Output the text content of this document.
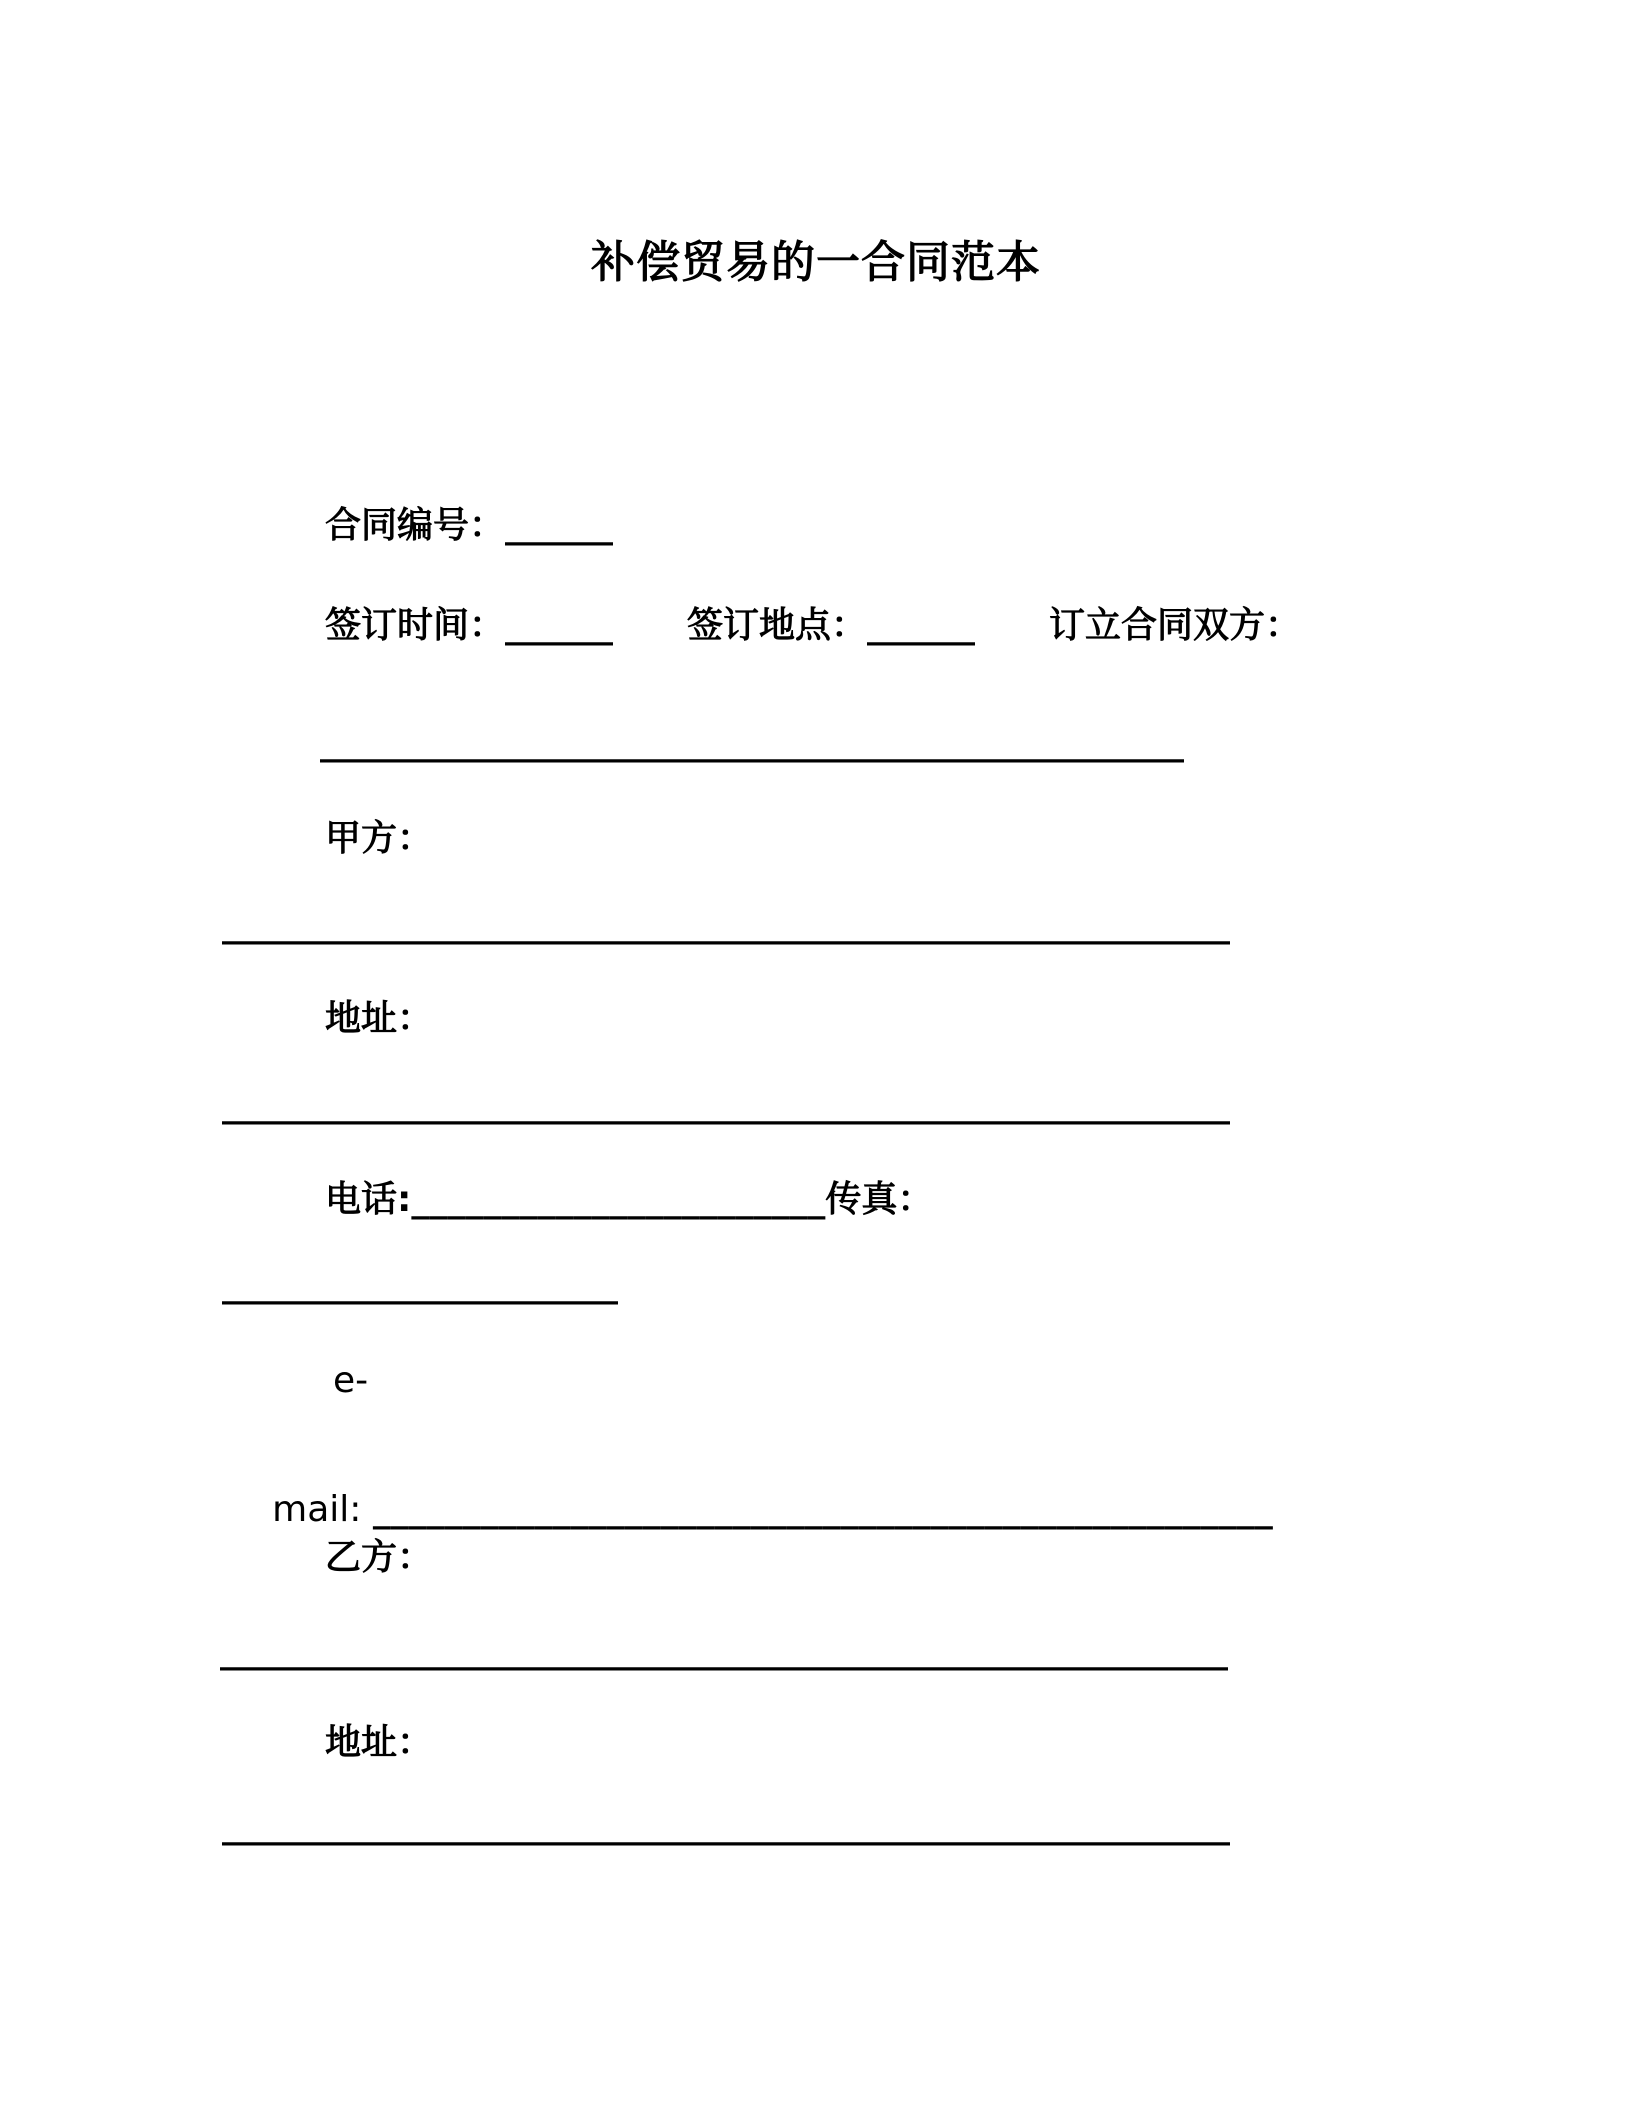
补偿贸易的一合同范本
合同编号：______
签订时间：______ 签订地点：______ 订立合同双方：
________________________________________________
甲方：
________________________________________________________
地址：
________________________________________________________
电话:_______________________传真：
______________________
e-

mail: __________________________________________________

乙方：
________________________________________________________
地址：
________________________________________________________
